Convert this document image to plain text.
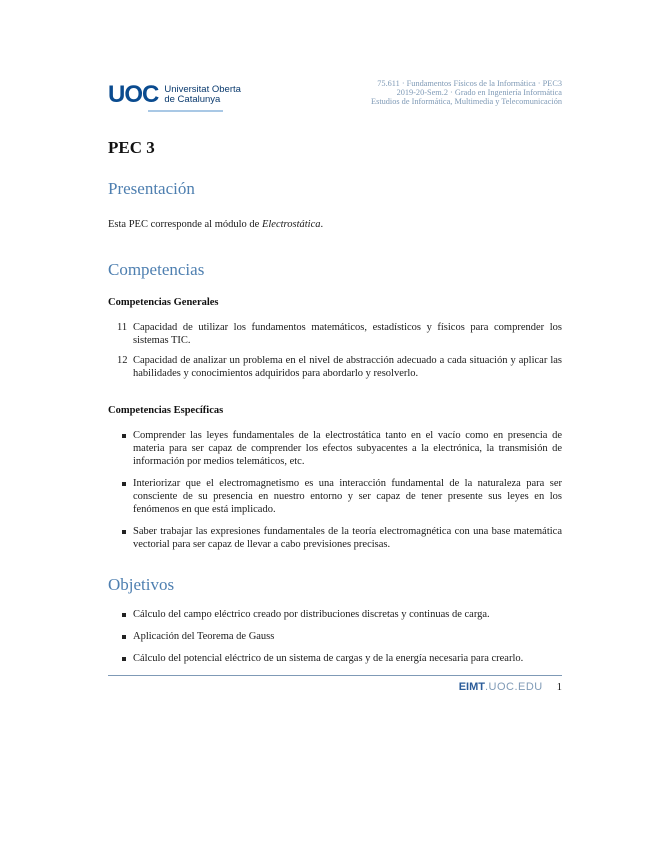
UOC Universitat Oberta
de Catalunya
75.611 · Fundamentos Físicos de la Informática · PEC3
2019-20-Sem.2 · Grado en Ingeniería Informática
Estudios de Informática, Multimedia y Telecomunicación
PEC 3
Presentación
Esta PEC corresponde al módulo de Electrostática.
Competencias
Competencias Generales
11 Capacidad de utilizar los fundamentos matemáticos, estadísticos y físicos para comprender los sistemas TIC.
12 Capacidad de analizar un problema en el nivel de abstracción adecuado a cada situación y aplicar las habilidades y conocimientos adquiridos para abordarlo y resolverlo.
Competencias Específicas
Comprender las leyes fundamentales de la electrostática tanto en el vacío como en presencia de materia para ser capaz de comprender los efectos subyacentes a la electrónica, la transmisión de información por medios telemáticos, etc.
Interiorizar que el electromagnetismo es una interacción fundamental de la naturaleza para ser consciente de su presencia en nuestro entorno y ser capaz de tener presente sus leyes en los fenómenos en que está implicado.
Saber trabajar las expresiones fundamentales de la teoría electromagnética con una base matemática vectorial para ser capaz de llevar a cabo previsiones precisas.
Objetivos
Cálculo del campo eléctrico creado por distribuciones discretas y continuas de carga.
Aplicación del Teorema de Gauss
Cálculo del potencial eléctrico de un sistema de cargas y de la energía necesaria para crearlo.
EIMT.UOC.EDU 1
